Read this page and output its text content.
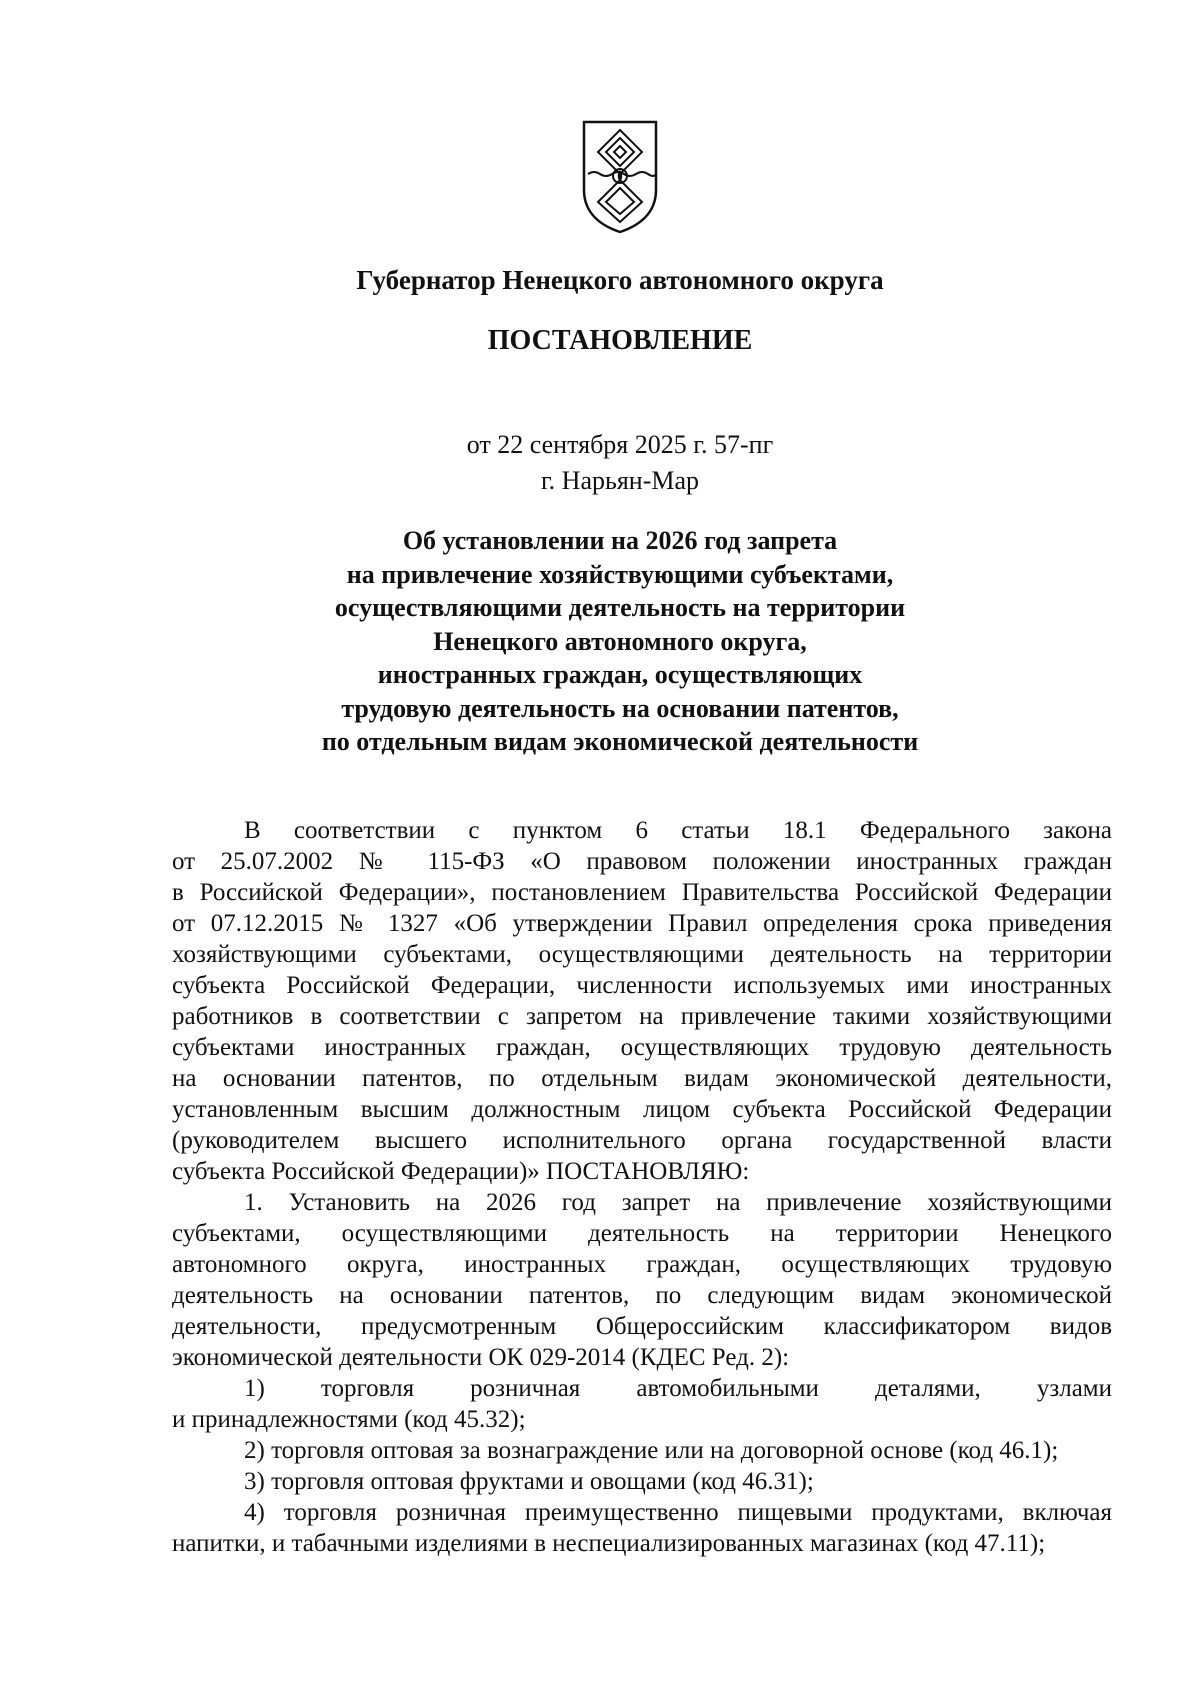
Губернатор Ненецкого автономного округа
ПОСТАНОВЛЕНИЕ
от 22 сентября 2025 г. 57-пг
г. Нарьян-Мар
Об установлении на 2026 год запрета
на привлечение хозяйствующими субъектами,
осуществляющими деятельность на территории
Ненецкого автономного округа,
иностранных граждан, осуществляющих
трудовую деятельность на основании патентов,
по отдельным видам экономической деятельности
В соответствии с пунктом 6 статьи 18.1 Федерального закона
от 25.07.2002 № 115-ФЗ «О правовом положении иностранных граждан
в Российской Федерации», постановлением Правительства Российской Федерации
от 07.12.2015 № 1327 «Об утверждении Правил определения срока приведения
хозяйствующими субъектами, осуществляющими деятельность на территории
субъекта Российской Федерации, численности используемых ими иностранных
работников в соответствии с запретом на привлечение такими хозяйствующими
субъектами иностранных граждан, осуществляющих трудовую деятельность
на основании патентов, по отдельным видам экономической деятельности,
установленным высшим должностным лицом субъекта Российской Федерации
(руководителем высшего исполнительного органа государственной власти
субъекта Российской Федерации)» ПОСТАНОВЛЯЮ:
1. Установить на 2026 год запрет на привлечение хозяйствующими
субъектами, осуществляющими деятельность на территории Ненецкого
автономного округа, иностранных граждан, осуществляющих трудовую
деятельность на основании патентов, по следующим видам экономической
деятельности, предусмотренным Общероссийским классификатором видов
экономической деятельности ОК 029-2014 (КДЕС Ред. 2):
1) торговля розничная автомобильными деталями, узлами
и принадлежностями (код 45.32);
2) торговля оптовая за вознаграждение или на договорной основе (код 46.1);
3) торговля оптовая фруктами и овощами (код 46.31);
4) торговля розничная преимущественно пищевыми продуктами, включая
напитки, и табачными изделиями в неспециализированных магазинах (код 47.11);
